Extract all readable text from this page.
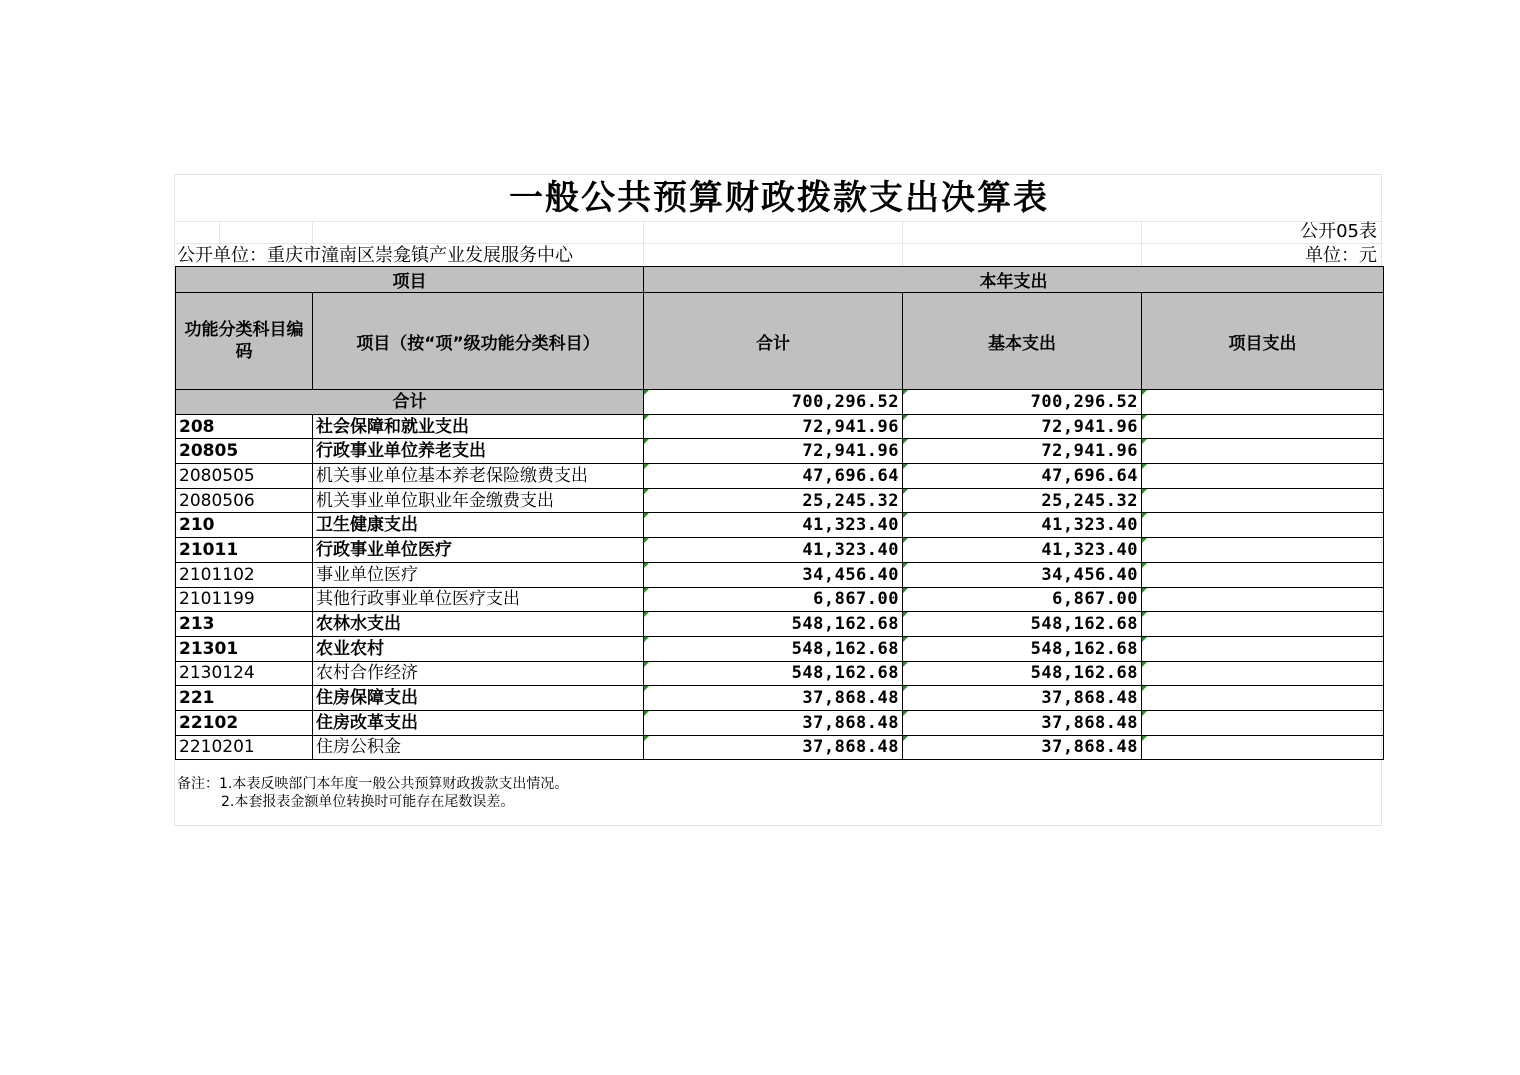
一般公共预算财政拨款支出决算表
公开05表
公开单位：重庆市潼南区崇龛镇产业发展服务中心	单位：元
项目		本年支出		
功能分类科目编码	项目（按“项”级功能分类科目）	合计	基本支出	项目支出
合计		700,296.52	700,296.52	
208	社会保障和就业支出	72,941.96	72,941.96	
20805	行政事业单位养老支出	72,941.96	72,941.96	
2080505	机关事业单位基本养老保险缴费支出	47,696.64	47,696.64	
2080506	机关事业单位职业年金缴费支出	25,245.32	25,245.32	
210	卫生健康支出	41,323.40	41,323.40	
21011	行政事业单位医疗	41,323.40	41,323.40	
2101102	事业单位医疗	34,456.40	34,456.40	
2101199	其他行政事业单位医疗支出	6,867.00	6,867.00	
213	农林水支出	548,162.68	548,162.68	
21301	农业农村	548,162.68	548,162.68	
2130124	农村合作经济	548,162.68	548,162.68	
221	住房保障支出	37,868.48	37,868.48	
22102	住房改革支出	37,868.48	37,868.48	
2210201	住房公积金	37,868.48	37,868.48	
备注：1.本表反映部门本年度一般公共预算财政拨款支出情况。
2.本套报表金额单位转换时可能存在尾数误差。
